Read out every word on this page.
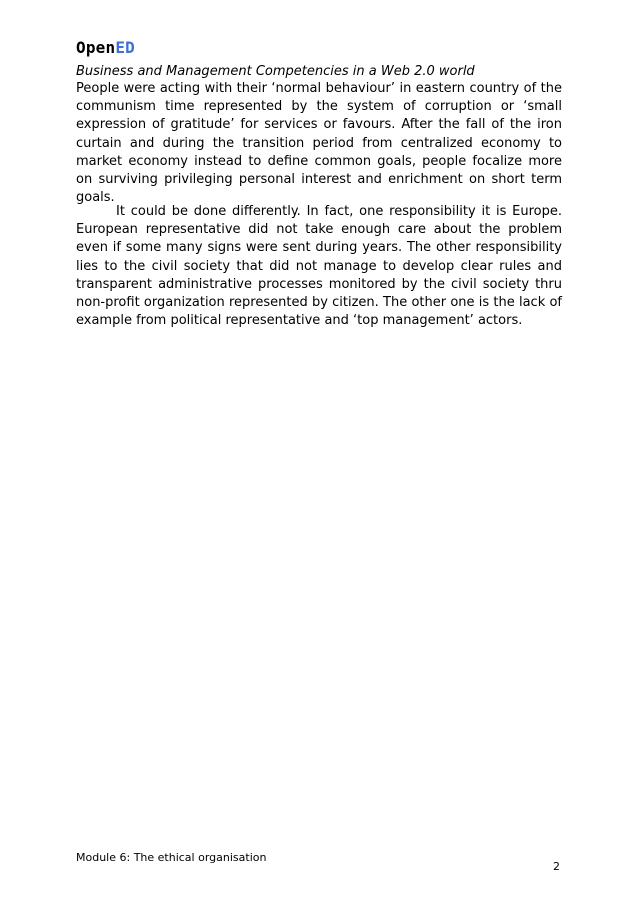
OpenED
Business and Management Competencies in a Web 2.0 world

People were acting with their ‘normal behaviour’ in eastern country of the communism time represented by the system of corruption or ‘small expression of gratitude’ for services or favours. After the fall of the iron curtain and during the transition period from centralized economy to market economy instead to define common goals, people focalize more on surviving privileging personal interest and enrichment on short term goals.

It could be done differently. In fact, one responsibility it is Europe. European representative did not take enough care about the problem even if some many signs were sent during years. The other responsibility lies to the civil society that did not manage to develop clear rules and transparent administrative processes monitored by the civil society thru non-profit organization represented by citizen. The other one is the lack of example from political representative and ‘top management’ actors.

Module 6: The ethical organisation
2
